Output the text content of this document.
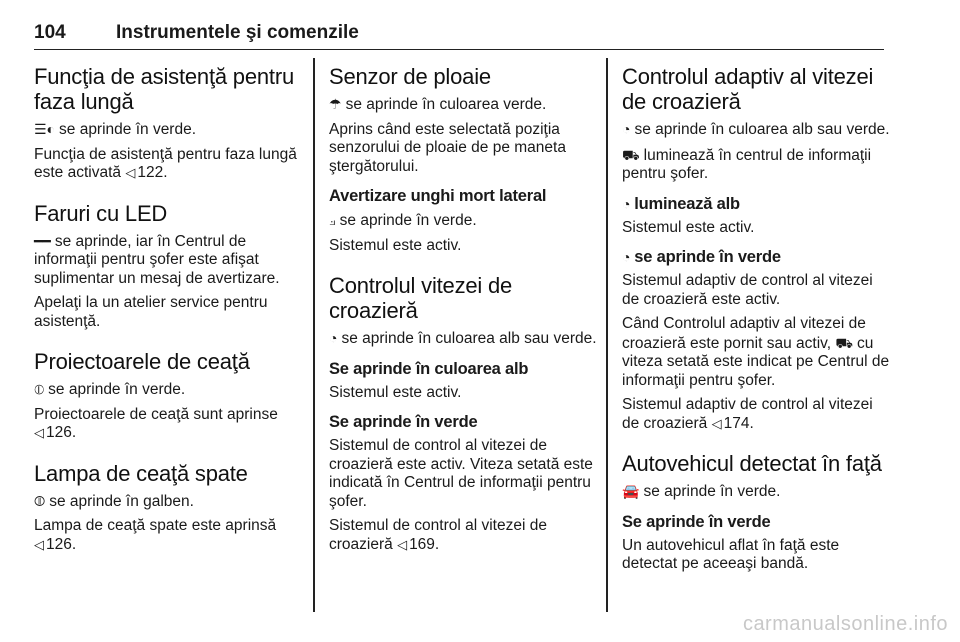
104	Instrumentele şi comenzile
Funcţia de asistenţă pentru faza lungă

☰◐ se aprinde în verde.

Funcţia de asistenţă pentru faza lungă este activată ◁ 122.

Faruri cu LED

━━ se aprinde, iar în Centrul de informaţii pentru şofer este afişat suplimentar un mesaj de avertizare.

Apelaţi la un atelier service pentru asistenţă.

Proiectoarele de ceaţă

⦶ se aprinde în verde.

Proiectoarele de ceaţă sunt aprinse
◁ 126.

Lampa de ceaţă spate

⦷ se aprinde în galben.

Lampa de ceaţă spate este aprinsă
◁ 126.

Senzor de ploaie

☂ se aprinde în culoarea verde.

Aprins când este selectată poziţia senzorului de ploaie de pe maneta ştergătorului.

Avertizare unghi mort lateral

⟓ se aprinde în verde.

Sistemul este activ.

Controlul vitezei de croazieră

◔ se aprinde în culoarea alb sau verde.

Se aprinde în culoarea alb

Sistemul este activ.

Se aprinde în verde

Sistemul de control al vitezei de croazieră este activ. Viteza setată este indicată în Centrul de informaţii pentru şofer.

Sistemul de control al vitezei de croazieră ◁ 169.

Controlul adaptiv al vitezei de croazieră

◔ se aprinde în culoarea alb sau verde.

⛟ luminează în centrul de informaţii pentru şofer.

◔ luminează alb

Sistemul este activ.

◔ se aprinde în verde

Sistemul adaptiv de control al vitezei de croazieră este activ.

Când Controlul adaptiv al vitezei de croazieră este pornit sau activ, ⛟ cu viteza setată este indicat pe Centrul de informaţii pentru şofer.

Sistemul adaptiv de control al vitezei de croazieră ◁ 174.

Autovehicul detectat în faţă

🚘 se aprinde în verde.

Se aprinde în verde

Un autovehicul aflat în faţă este detectat pe aceeaşi bandă.

carmanualsonline.info
